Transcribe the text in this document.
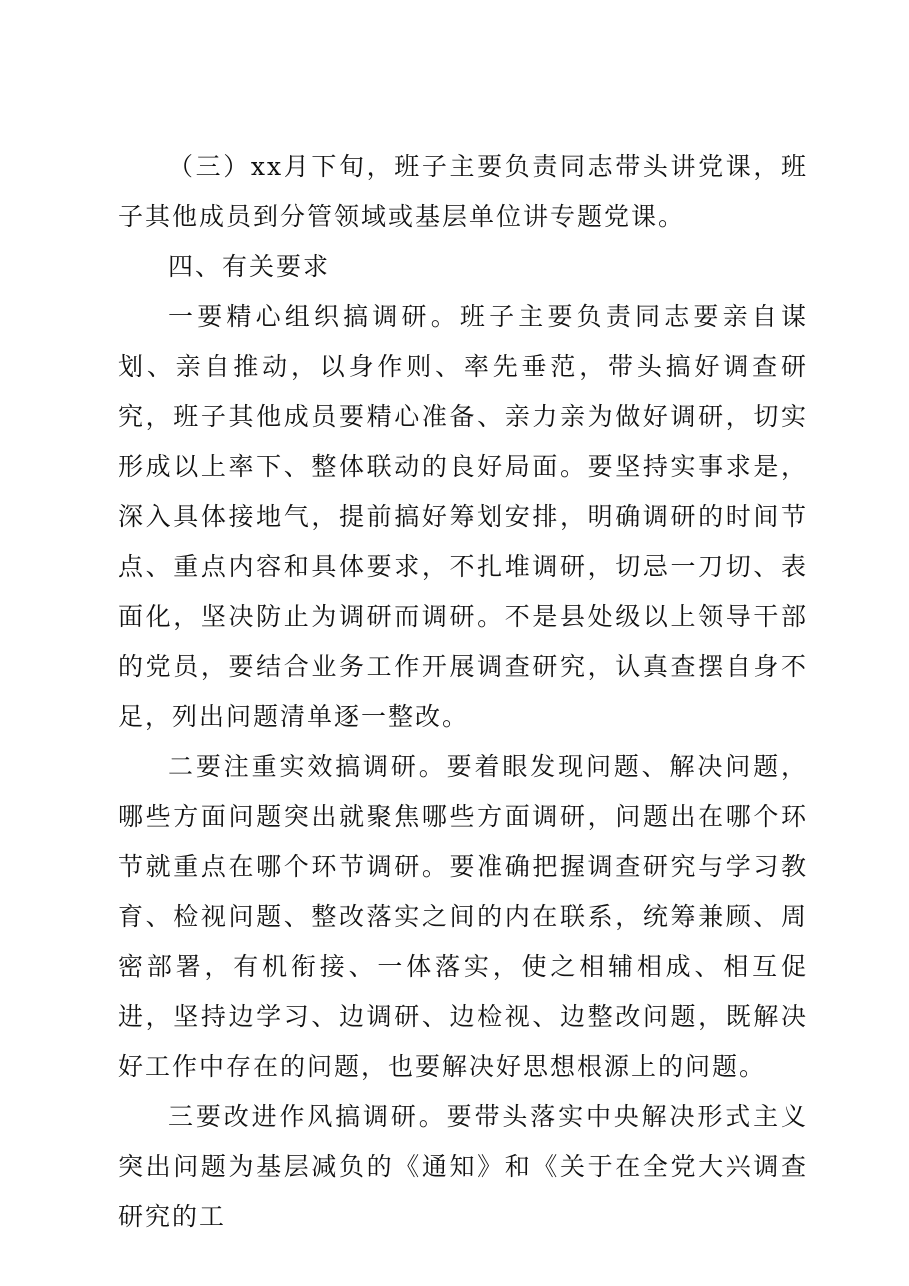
（三）xx月下旬，班子主要负责同志带头讲党课，班子其他成员到分管领域或基层单位讲专题党课。

四、有关要求

一要精心组织搞调研。班子主要负责同志要亲自谋划、亲自推动，以身作则、率先垂范，带头搞好调查研究，班子其他成员要精心准备、亲力亲为做好调研，切实形成以上率下、整体联动的良好局面。要坚持实事求是，深入具体接地气，提前搞好筹划安排，明确调研的时间节点、重点内容和具体要求，不扎堆调研，切忌一刀切、表面化，坚决防止为调研而调研。不是县处级以上领导干部的党员，要结合业务工作开展调查研究，认真查摆自身不足，列出问题清单逐一整改。

二要注重实效搞调研。要着眼发现问题、解决问题，哪些方面问题突出就聚焦哪些方面调研，问题出在哪个环节就重点在哪个环节调研。要准确把握调查研究与学习教育、检视问题、整改落实之间的内在联系，统筹兼顾、周密部署，有机衔接、一体落实，使之相辅相成、相互促进，坚持边学习、边调研、边检视、边整改问题，既解决好工作中存在的问题，也要解决好思想根源上的问题。

三要改进作风搞调研。要带头落实中央解决形式主义突出问题为基层减负的《通知》和《关于在全党大兴调查研究的工
